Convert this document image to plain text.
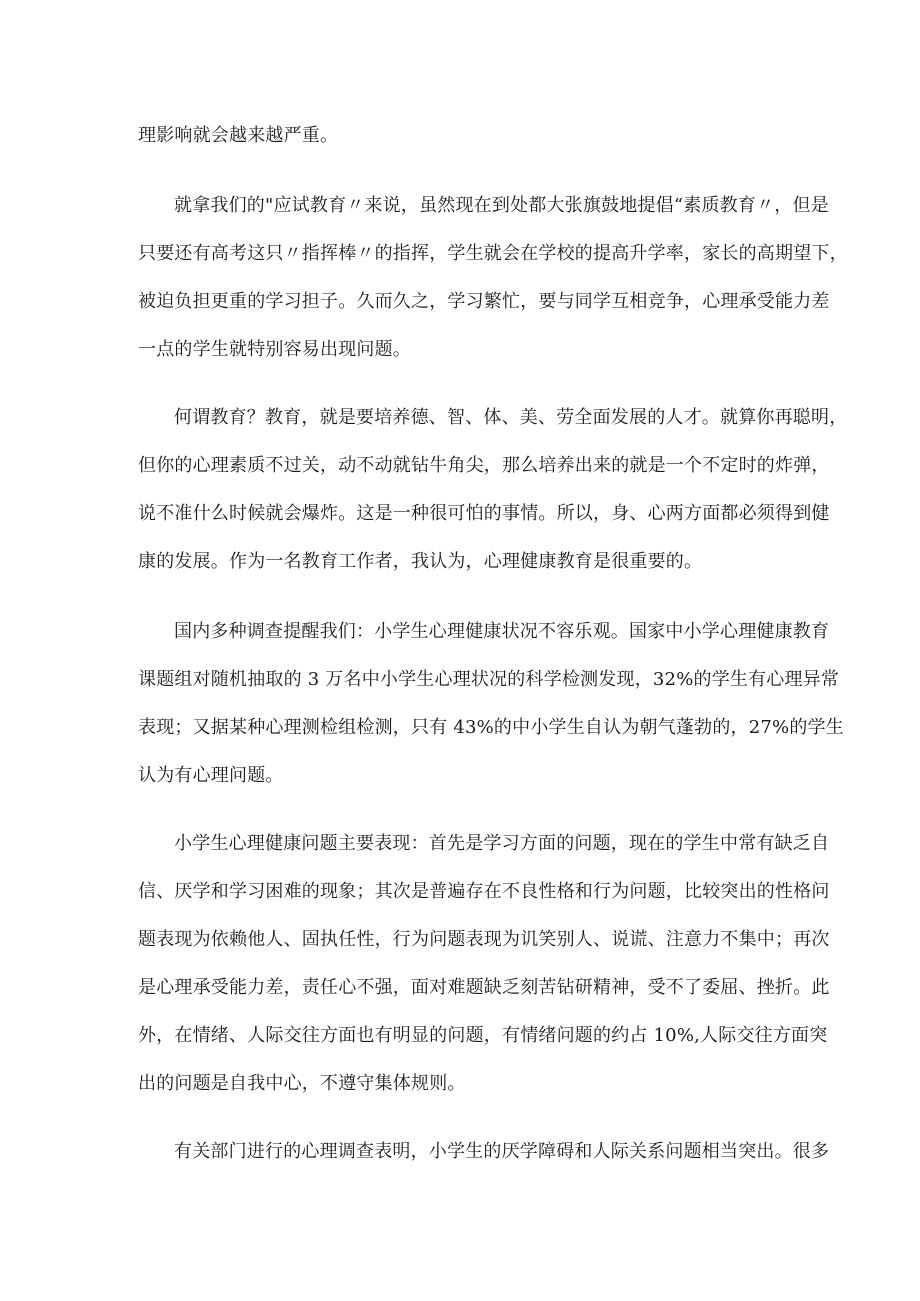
理影响就会越来越严重。
就拿我们的"应试教育〃来说，虽然现在到处都大张旗鼓地提倡“素质教育〃，但是
只要还有高考这只〃指挥棒〃的指挥，学生就会在学校的提高升学率，家长的高期望下，
被迫负担更重的学习担子。久而久之，学习繁忙，要与同学互相竞争，心理承受能力差
一点的学生就特别容易出现问题。
何谓教育？教育，就是要培养德、智、体、美、劳全面发展的人才。就算你再聪明，
但你的心理素质不过关，动不动就钻牛角尖，那么培养出来的就是一个不定时的炸弹，
说不准什么时候就会爆炸。这是一种很可怕的事情。所以，身、心两方面都必须得到健
康的发展。作为一名教育工作者，我认为，心理健康教育是很重要的。
国内多种调查提醒我们：小学生心理健康状况不容乐观。国家中小学心理健康教育
课题组对随机抽取的 3 万名中小学生心理状况的科学检测发现，32%的学生有心理异常
表现；又据某种心理测检组检测，只有 43%的中小学生自认为朝气蓬勃的，27%的学生
认为有心理问题。
小学生心理健康问题主要表现：首先是学习方面的问题，现在的学生中常有缺乏自
信、厌学和学习困难的现象；其次是普遍存在不良性格和行为问题，比较突出的性格问
题表现为依赖他人、固执任性，行为问题表现为讥笑别人、说谎、注意力不集中；再次
是心理承受能力差，责任心不强，面对难题缺乏刻苦钻研精神，受不了委屈、挫折。此
外，在情绪、人际交往方面也有明显的问题，有情绪问题的约占 10%,人际交往方面突
出的问题是自我中心，不遵守集体规则。
有关部门进行的心理调查表明，小学生的厌学障碍和人际关系问题相当突出。很多
